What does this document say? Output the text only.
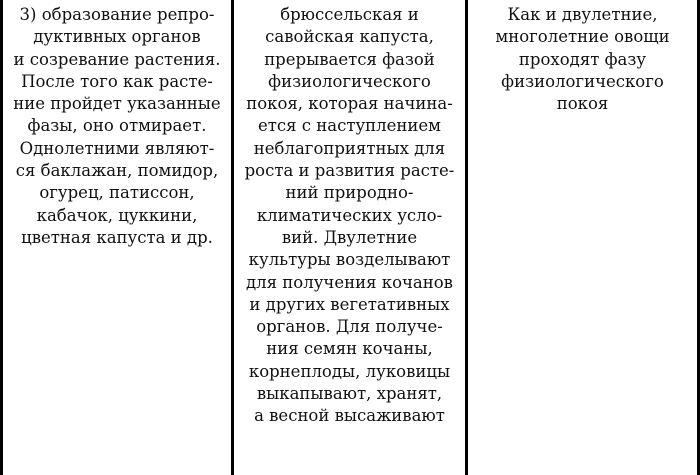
3) образование репро-
дуктивных органов
и созревание растения.
После того как расте-
ние пройдет указанные
фазы, оно отмирает.
Однолетними являют-
ся баклажан, помидор,
огурец, патиссон,
кабачок, цуккини,
цветная капуста и др.
брюссельская и
савойская капуста,
прерывается фазой
физиологического
покоя, которая начина-
ется с наступлением
неблагоприятных для
роста и развития расте-
ний природно-
климатических усло-
вий. Двулетние
культуры возделывают
для получения кочанов
и других вегетативных
органов. Для получе-
ния семян кочаны,
корнеплоды, луковицы
выкапывают, хранят,
а весной высаживают
Как и двулетние,
многолетние овощи
проходят фазу
физиологического
покоя
